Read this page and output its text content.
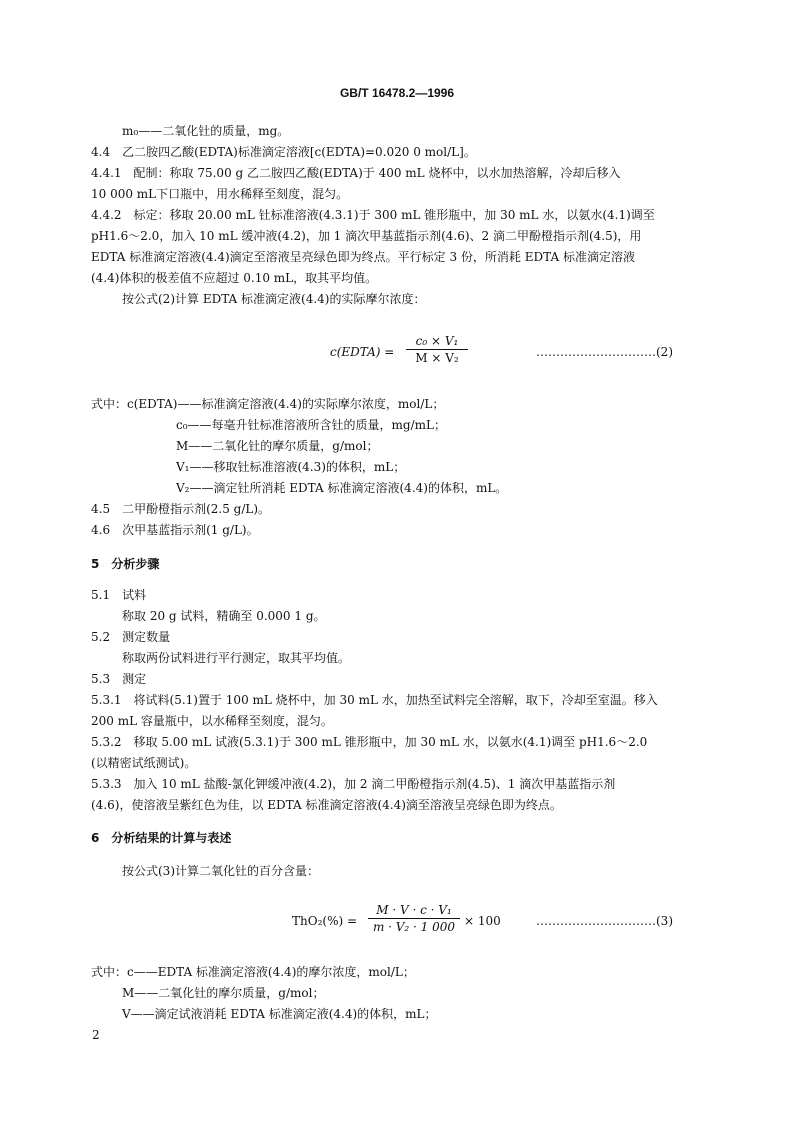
GB/T 16478.2—1996
m₀——二氧化钍的质量，mg。
4.4　乙二胺四乙酸(EDTA)标准滴定溶液[c(EDTA)=0.020 0 mol/L]。
4.4.1　配制：称取 75.00 g 乙二胺四乙酸(EDTA)于 400 mL 烧杯中，以水加热溶解，冷却后移入
10 000 mL下口瓶中，用水稀释至刻度，混匀。
4.4.2　标定：移取 20.00 mL 钍标准溶液(4.3.1)于 300 mL 锥形瓶中，加 30 mL 水，以氨水(4.1)调至
pH1.6～2.0，加入 10 mL 缓冲液(4.2)，加 1 滴次甲基蓝指示剂(4.6)、2 滴二甲酚橙指示剂(4.5)，用
EDTA 标准滴定溶液(4.4)滴定至溶液呈亮绿色即为终点。平行标定 3 份，所消耗 EDTA 标准滴定溶液
(4.4)体积的极差值不应超过 0.10 mL，取其平均值。
按公式(2)计算 EDTA 标准滴定液(4.4)的实际摩尔浓度：
c(EDTA) =
c₀ × V₁
M × V₂	…………………………(2)
式中：c(EDTA)——标准滴定溶液(4.4)的实际摩尔浓度，mol/L；
c₀——每毫升钍标准溶液所含钍的质量，mg/mL；
M——二氧化钍的摩尔质量，g/mol；
V₁——移取钍标准溶液(4.3)的体积，mL；
V₂——滴定钍所消耗 EDTA 标准滴定溶液(4.4)的体积，mL。
4.5　二甲酚橙指示剂(2.5 g/L)。
4.6　次甲基蓝指示剂(1 g/L)。
5　分析步骤
5.1　试料
称取 20 g 试料，精确至 0.000 1 g。
5.2　测定数量
称取两份试料进行平行测定，取其平均值。
5.3　测定
5.3.1　将试料(5.1)置于 100 mL 烧杯中，加 30 mL 水，加热至试料完全溶解，取下，冷却至室温。移入
200 mL 容量瓶中，以水稀释至刻度，混匀。
5.3.2　移取 5.00 mL 试液(5.3.1)于 300 mL 锥形瓶中，加 30 mL 水，以氨水(4.1)调至 pH1.6～2.0
(以精密试纸测试)。
5.3.3　加入 10 mL 盐酸-氯化钾缓冲液(4.2)，加 2 滴二甲酚橙指示剂(4.5)、1 滴次甲基蓝指示剂
(4.6)，使溶液呈紫红色为佳，以 EDTA 标准滴定溶液(4.4)滴至溶液呈亮绿色即为终点。
6　分析结果的计算与表述
按公式(3)计算二氧化钍的百分含量：
ThO₂(%) =
M · V · c · V₁
m · V₂ · 1 000 × 100	…………………………(3)
式中：c——EDTA 标准滴定溶液(4.4)的摩尔浓度，mol/L；
M——二氧化钍的摩尔质量，g/mol；
V——滴定试液消耗 EDTA 标准滴定液(4.4)的体积，mL；
2
